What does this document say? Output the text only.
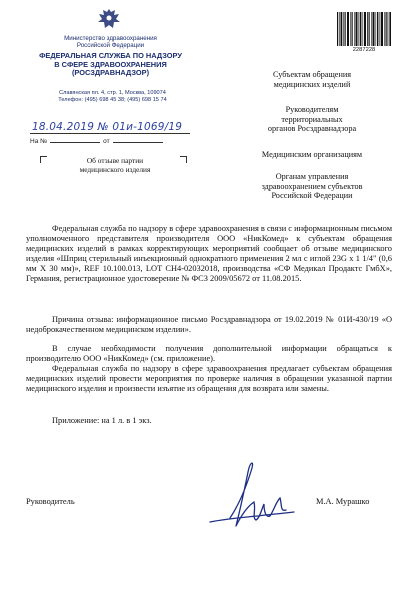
Министерство здравоохранения
Российской Федерации
ФЕДЕРАЛЬНАЯ СЛУЖБА ПО НАДЗОРУ
В СФЕРЕ ЗДРАВООХРАНЕНИЯ
(РОСЗДРАВНАДЗОР)
Славянская пл. 4, стр. 1, Москва, 109074
Телефон: (495) 698 45 38; (495) 698 15 74
18.04.2019 № 01и-1069/19
На №	от
Об отзыве партии
медицинского изделия
2287228
Субъектам обращения
медицинских изделий
Руководителям
территориальных
органов Росздравнадзора
Медицинским организациям
Органам управления
здравоохранением субъектов
Российской Федерации
Федеральная служба по надзору в сфере здравоохранения в связи с информационным письмом уполномоченного представителя производителя ООО «НикКомед» к субъектам обращения медицинских изделий в рамках корректирующих мероприятий сообщает об отзыве медицинского изделия «Шприц стерильный инъекционный однократного применения 2 мл с иглой 23G x 1 1/4" (0,6 мм X 30 мм)», REF 10.100.013, LOT CH4-02032018, производства «СФ Медикал Продактс ГмбХ», Германия, регистрационное удостоверение № ФСЗ 2009/05672 от 11.08.2015.
Причина отзыва: информационное письмо Росздравнадзора от 19.02.2019 № 01И-430/19 «О недоброкачественном медицинском изделии».
В случае необходимости получения дополнительной информации обращаться к производителю ООО «НикКомед» (см. приложение).
Федеральная служба по надзору в сфере здравоохранения предлагает субъектам обращения медицинских изделий провести мероприятия по проверке наличия в обращении указанной партии медицинского изделия и произвести изъятие из обращения для возврата или замены.
Приложение: на 1 л. в 1 экз.
Руководитель	М.А. Мурашко
